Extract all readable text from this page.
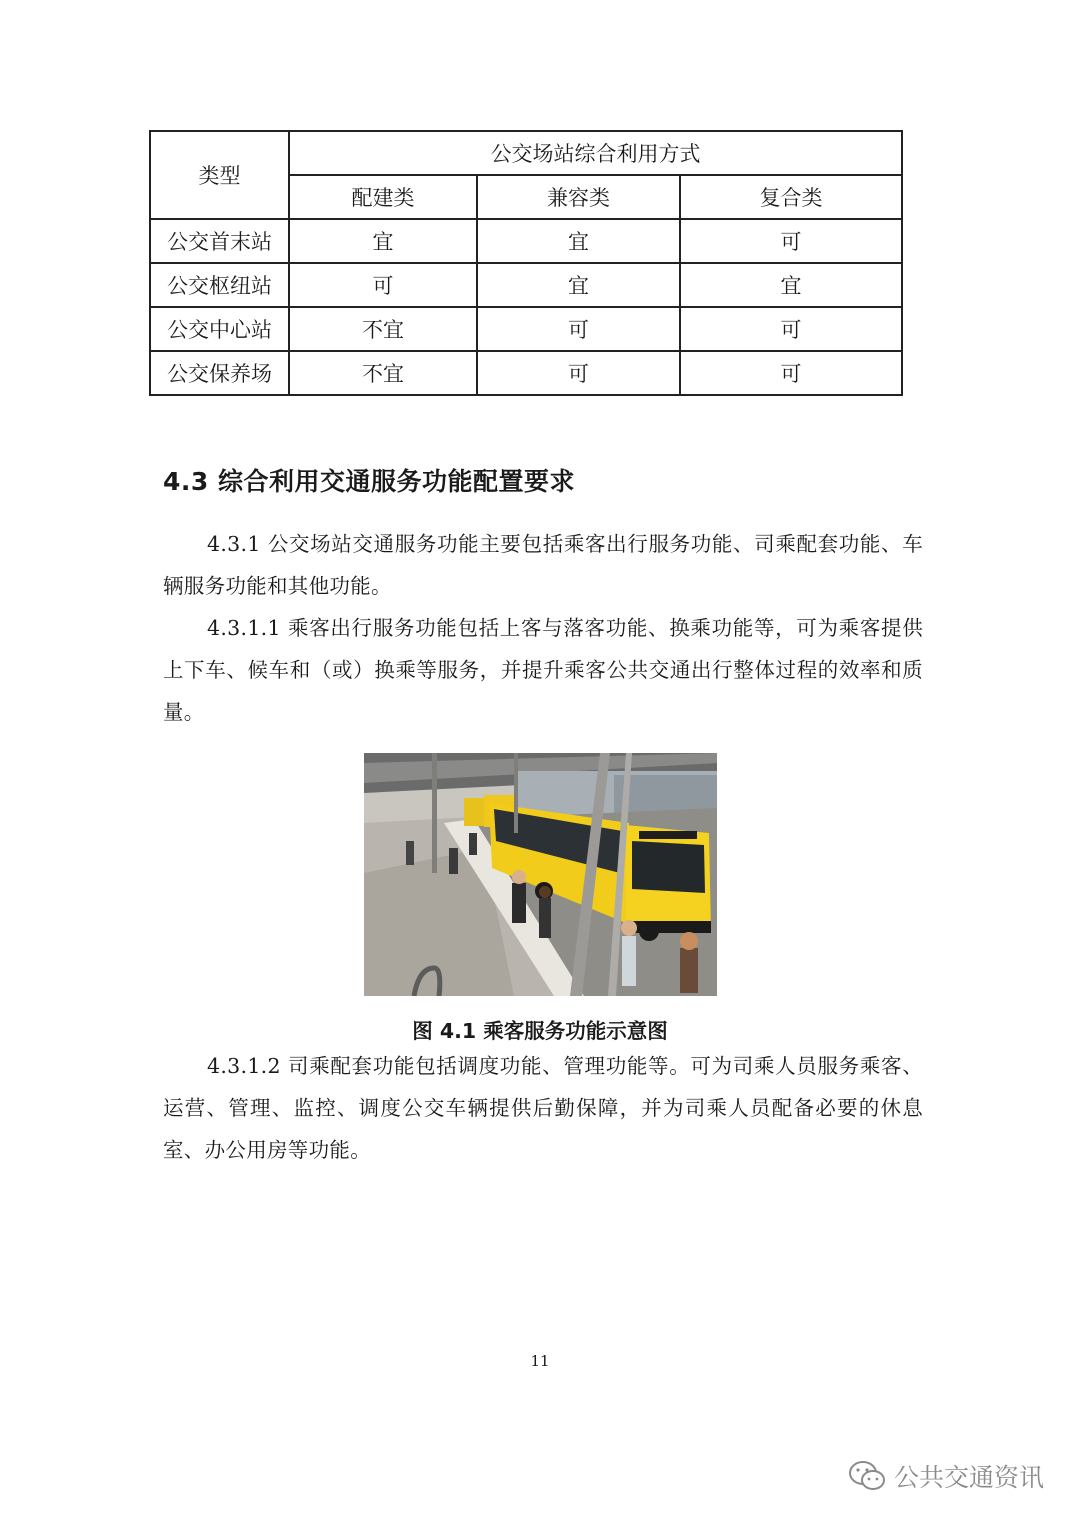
类型	公交场站综合利用方式		
	配建类	兼容类	复合类
公交首末站	宜	宜	可
公交枢纽站	可	宜	宜
公交中心站	不宜	可	可
公交保养场	不宜	可	可
4.3 综合利用交通服务功能配置要求

4.3.1 公交场站交通服务功能主要包括乘客出行服务功能、司乘配套功能、车辆服务功能和其他功能。

4.3.1.1 乘客出行服务功能包括上客与落客功能、换乘功能等，可为乘客提供上下车、候车和（或）换乘等服务，并提升乘客公共交通出行整体过程的效率和质量。

图 4.1 乘客服务功能示意图

4.3.1.2 司乘配套功能包括调度功能、管理功能等。可为司乘人员服务乘客、运营、管理、监控、调度公交车辆提供后勤保障，并为司乘人员配备必要的休息室、办公用房等功能。

11
公共交通资讯
